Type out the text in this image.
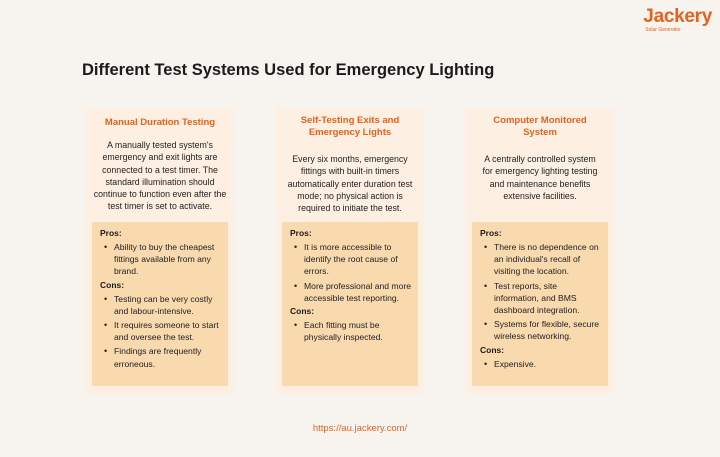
Jackery
Solar Generator
Different Test Systems Used for Emergency Lighting
Manual Duration Testing
A manually tested system's emergency and exit lights are connected to a test timer. The standard illumination should continue to function even after the test timer is set to activate.
Pros:
• Ability to buy the cheapest fittings available from any brand.
Cons:
• Testing can be very costly and labour-intensive.
• It requires someone to start and oversee the test.
• Findings are frequently erroneous.
Self-Testing Exits and Emergency Lights
Every six months, emergency fittings with built-in timers automatically enter duration test mode; no physical action is required to initiate the test.
Pros:
• It is more accessible to identify the root cause of errors.
• More professional and more accessible test reporting.
Cons:
• Each fitting must be physically inspected.
Computer Monitored System
A centrally controlled system for emergency lighting testing and maintenance benefits extensive facilities.
Pros:
• There is no dependence on an individual's recall of visiting the location.
• Test reports, site information, and BMS dashboard integration.
• Systems for flexible, secure wireless networking.
Cons:
• Expensive.
https://au.jackery.com/
